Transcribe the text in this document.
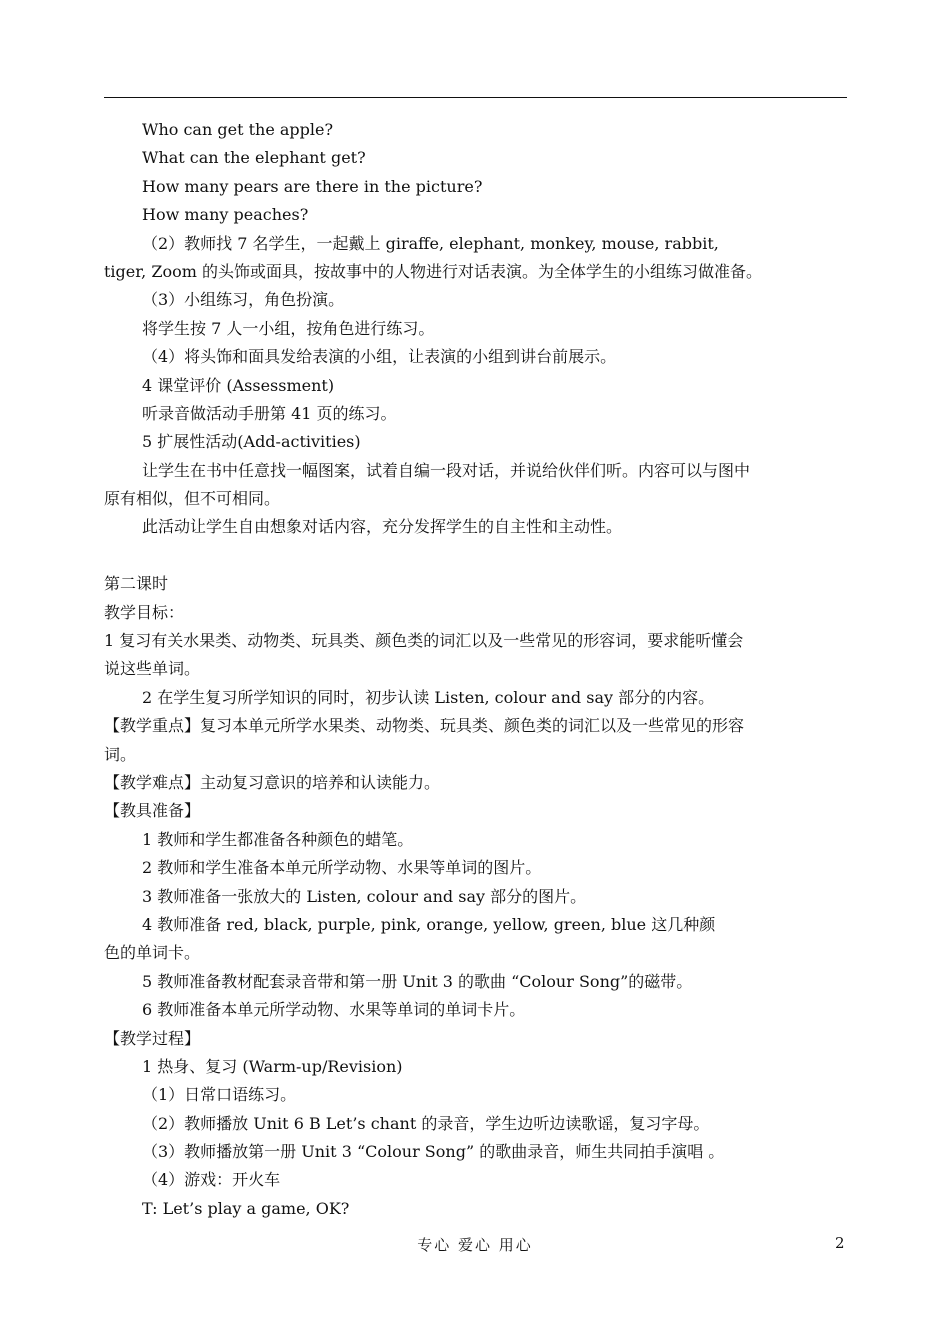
Who can get the apple?
What can the elephant get?
How many pears are there in the picture?
How many peaches?
（2）教师找 7 名学生，一起戴上 giraffe, elephant, monkey, mouse, rabbit,
tiger, Zoom 的头饰或面具，按故事中的人物进行对话表演。为全体学生的小组练习做准备。
（3）小组练习，角色扮演。
将学生按 7 人一小组，按角色进行练习。
（4）将头饰和面具发给表演的小组，让表演的小组到讲台前展示。
4 课堂评价 (Assessment)
听录音做活动手册第 41 页的练习。
5 扩展性活动(Add-activities)
让学生在书中任意找一幅图案，试着自编一段对话，并说给伙伴们听。内容可以与图中
原有相似，但不可相同。
此活动让学生自由想象对话内容，充分发挥学生的自主性和主动性。
第二课时
教学目标：
1 复习有关水果类、动物类、玩具类、颜色类的词汇以及一些常见的形容词，要求能听懂会
说这些单词。
2 在学生复习所学知识的同时，初步认读 Listen, colour and say 部分的内容。
【教学重点】复习本单元所学水果类、动物类、玩具类、颜色类的词汇以及一些常见的形容
词。
【教学难点】主动复习意识的培养和认读能力。
【教具准备】
1 教师和学生都准备各种颜色的蜡笔。
2 教师和学生准备本单元所学动物、水果等单词的图片。
3 教师准备一张放大的 Listen, colour and say 部分的图片。
4 教师准备 red, black, purple, pink, orange, yellow, green, blue 这几种颜
色的单词卡。
5 教师准备教材配套录音带和第一册 Unit 3 的歌曲 “Colour Song”的磁带。
6 教师准备本单元所学动物、水果等单词的单词卡片。
【教学过程】
1 热身、复习 (Warm-up/Revision)
（1）日常口语练习。
（2）教师播放 Unit 6 B Let’s chant 的录音，学生边听边读歌谣，复习字母。
（3）教师播放第一册 Unit 3 “Colour Song” 的歌曲录音，师生共同拍手演唱 。
（4）游戏：开火车
T: Let’s play a game, OK?
专心 爱心 用心	2
